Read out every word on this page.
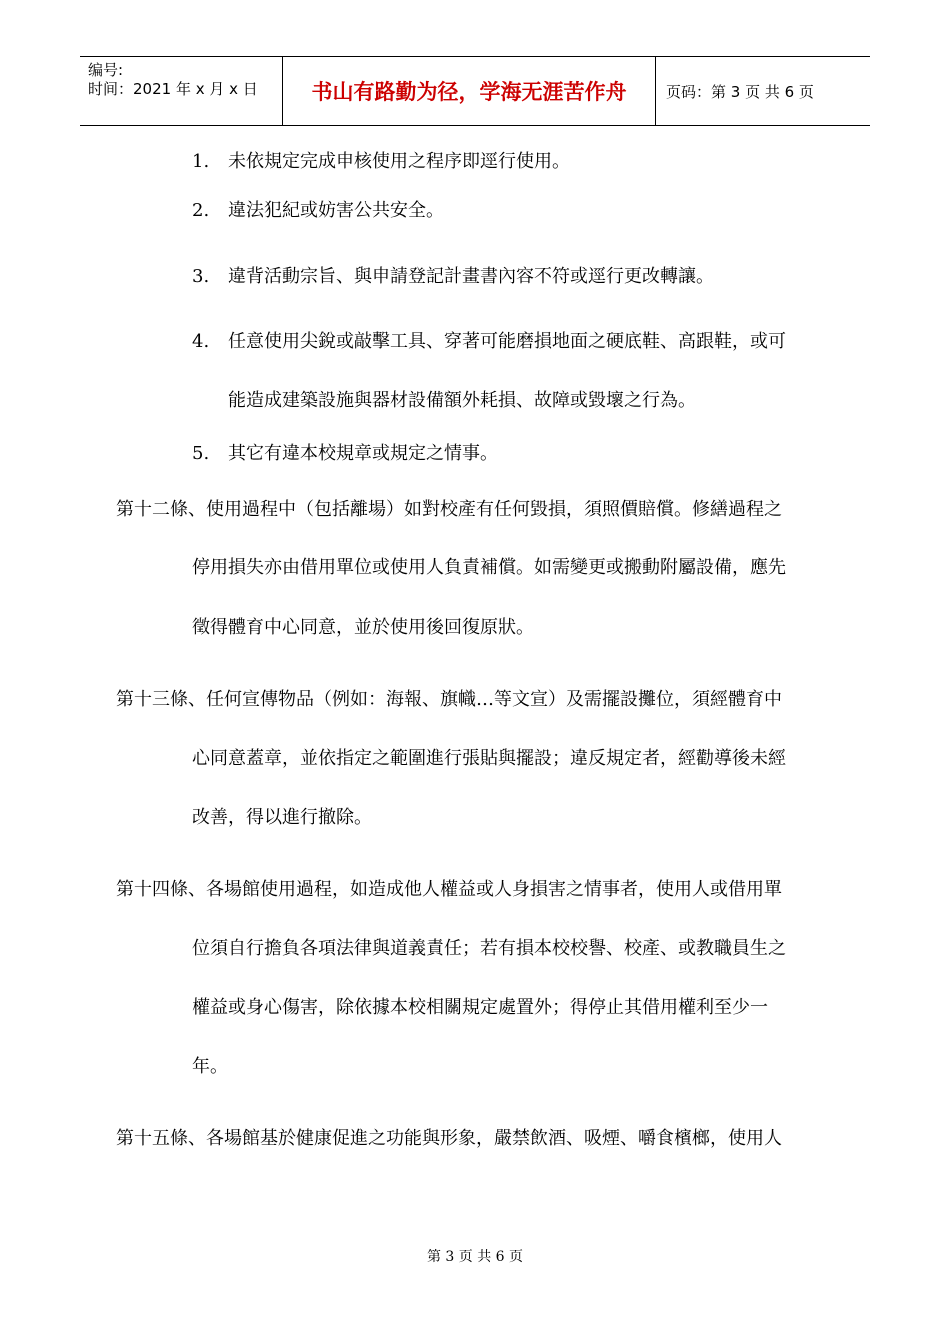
编号:
时间：2021 年 x 月 x 日	书山有路勤为径，学海无涯苦作舟	页码：第 3 页 共 6 页
1. 未依規定完成申核使用之程序即逕行使用。
2. 違法犯紀或妨害公共安全。
3. 違背活動宗旨、與申請登記計畫書內容不符或逕行更改轉讓。
4. 任意使用尖銳或敲擊工具、穿著可能磨損地面之硬底鞋、高跟鞋，或可
能造成建築設施與器材設備額外耗損、故障或毀壞之行為。
5. 其它有違本校規章或規定之情事。
第十二條、使用過程中（包括離場）如對校產有任何毀損，須照價賠償。修繕過程之
停用損失亦由借用單位或使用人負責補償。如需變更或搬動附屬設備，應先
徵得體育中心同意，並於使用後回復原狀。
第十三條、任何宣傳物品（例如：海報、旗幟…等文宣）及需擺設攤位，須經體育中
心同意蓋章，並依指定之範圍進行張貼與擺設；違反規定者，經勸導後未經
改善，得以進行撤除。
第十四條、各場館使用過程，如造成他人權益或人身損害之情事者，使用人或借用單
位須自行擔負各項法律與道義責任；若有損本校校譽、校產、或教職員生之
權益或身心傷害，除依據本校相關規定處置外；得停止其借用權利至少一
年。
第十五條、各場館基於健康促進之功能與形象，嚴禁飲酒、吸煙、嚼食檳榔，使用人
第 3 页 共 6 页
